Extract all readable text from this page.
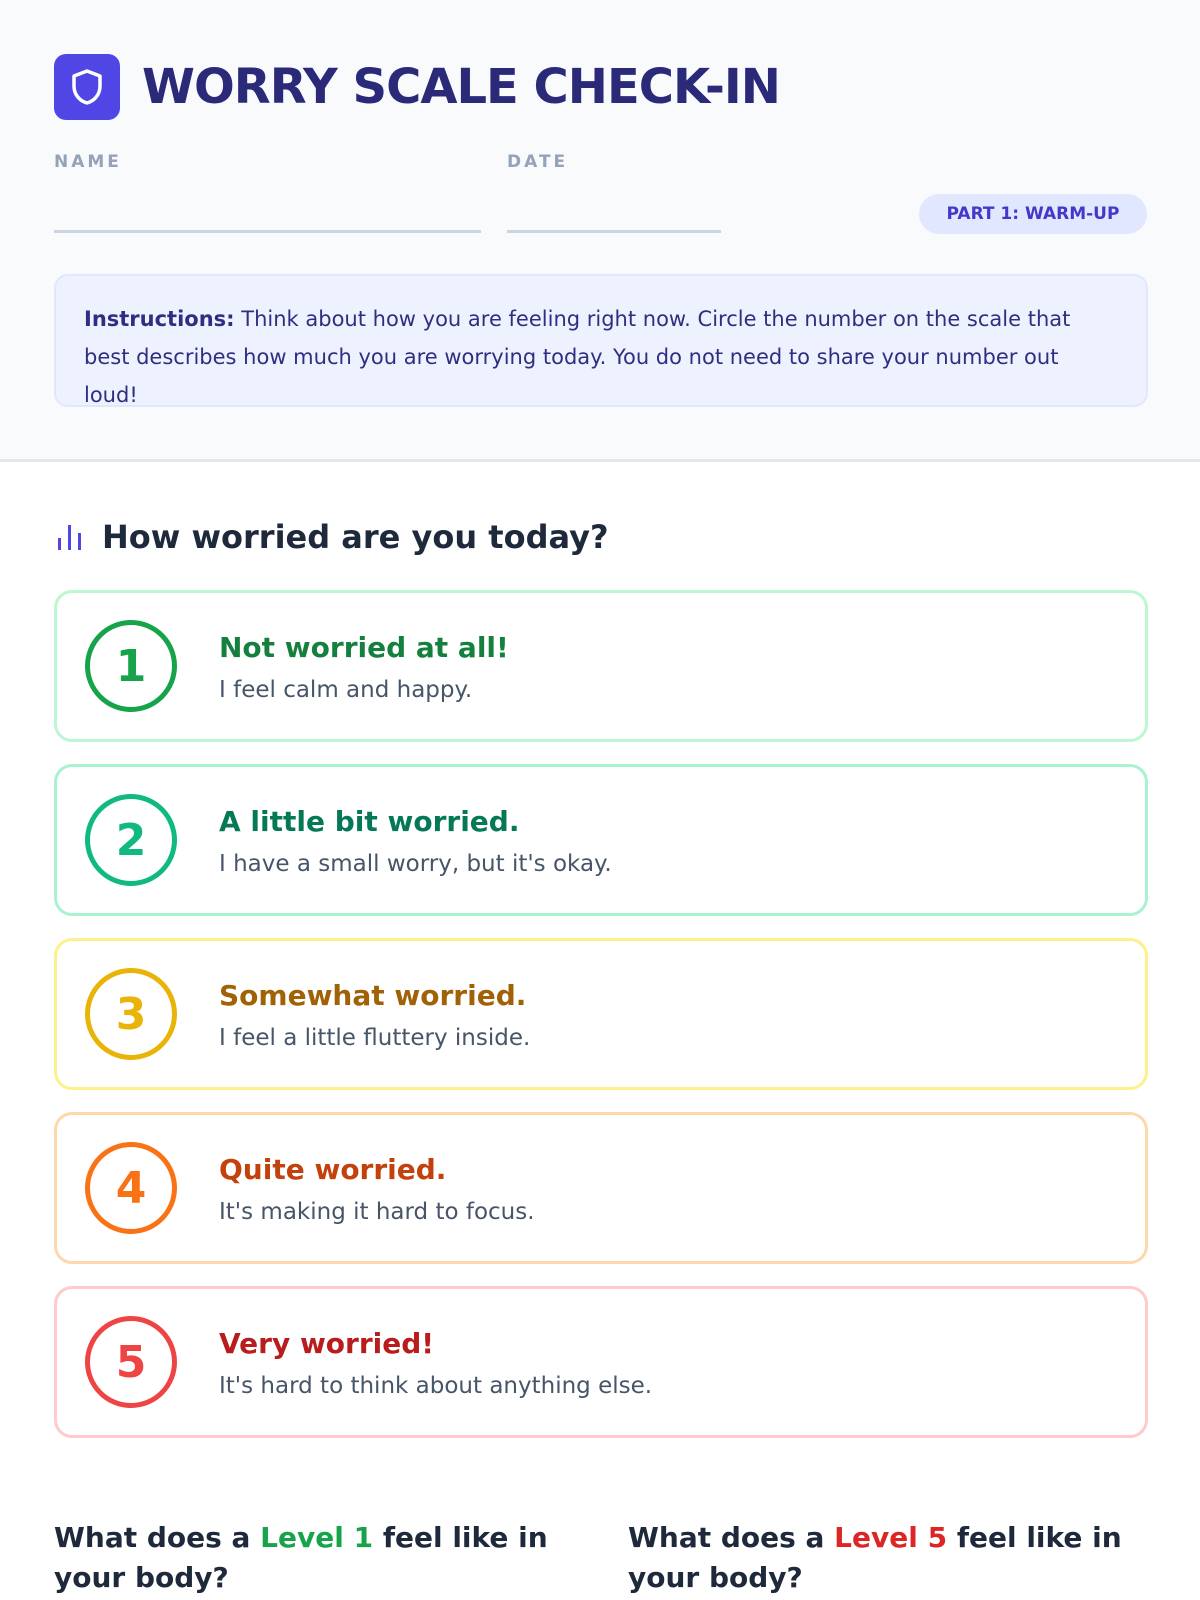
WORRY SCALE CHECK-IN
NAME	DATE
PART 1: WARM-UP
Instructions: Think about how you are feeling right now. Circle the number on the scale that best describes how much you are worrying today. You do not need to share your number out loud!
How worried are you today?
1	Not worried at all!
I feel calm and happy.
2	A little bit worried.
I have a small worry, but it's okay.
3	Somewhat worried.
I feel a little fluttery inside.
4	Quite worried.
It's making it hard to focus.
5	Very worried!
It's hard to think about anything else.
What does a Level 1 feel like in your body?
What does a Level 5 feel like in your body?
